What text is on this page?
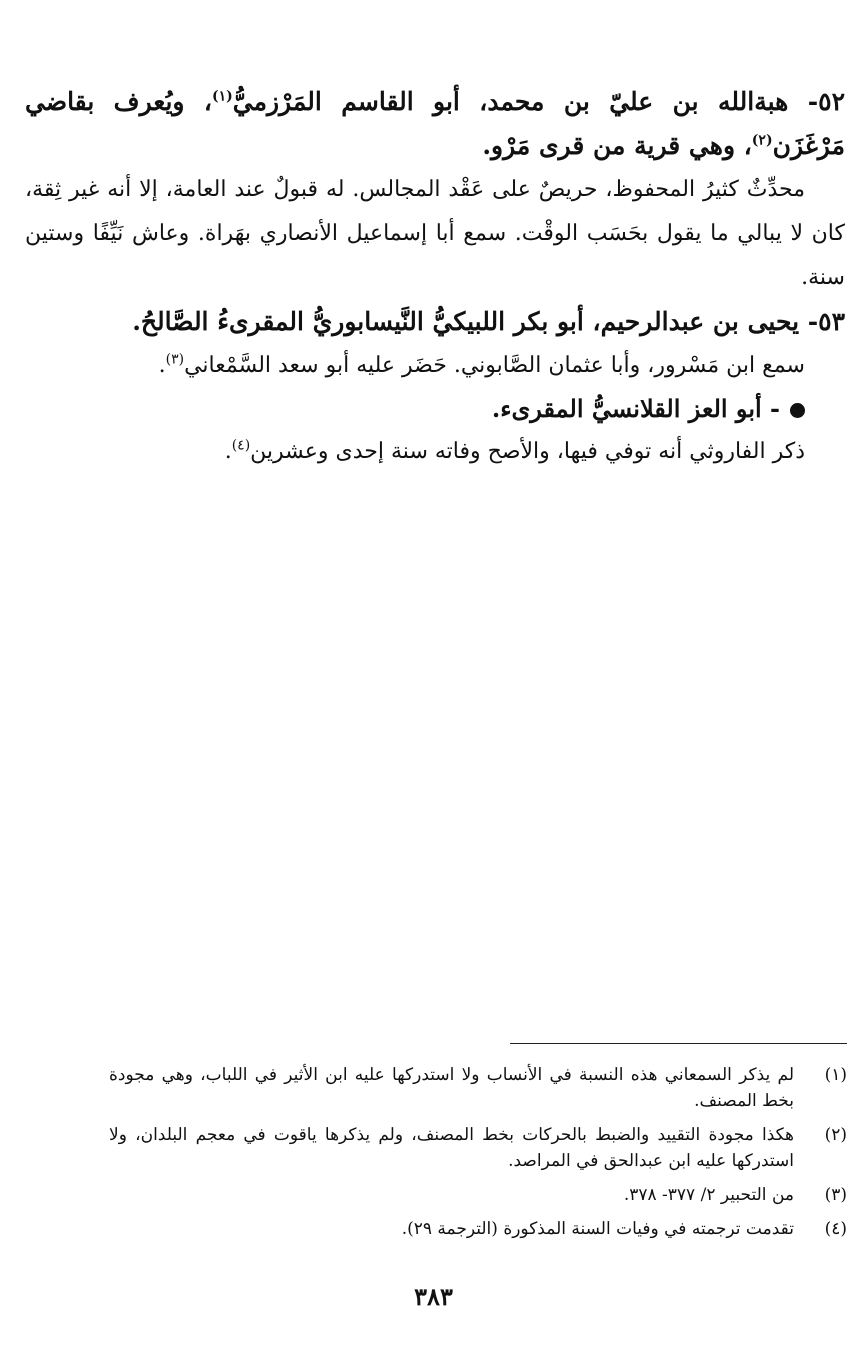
٥٢- هبةالله بن عليّ بن محمد، أبو القاسم المَرْزميُّ$^{(١)}$، ويُعرف بقاضي مَرْغَزَن$^{(٢)}$، وهي قرية من قرى مَرْو.

محدِّثٌ كثيرُ المحفوظ، حريصٌ على عَقْد المجالس. له قبولٌ عند العامة، إلا أنه غير ثِقة، كان لا يبالي ما يقول بحَسَب الوقْت. سمع أبا إسماعيل الأنصاري بهَراة. وعاش نَيِّفًا وستين سنة.

٥٣- يحيى بن عبدالرحيم، أبو بكر اللبيكيُّ النَّيسابوريُّ المقرىءُ الصَّالحُ.

سمع ابن مَسْرور، وأبا عثمان الصَّابوني. حَضَر عليه أبو سعد السَّمْعاني$^{(٣)}$.

- أبو العز القلانسيُّ المقرىء.

ذكر الفاروثي أنه توفي فيها، والأصح وفاته سنة إحدى وعشرين$^{(٤)}$.

(١)
لم يذكر السمعاني هذه النسبة في الأنساب ولا استدركها عليه ابن الأثير في اللباب، وهي مجودة بخط المصنف.

(٢)
هكذا مجودة التقييد والضبط بالحركات بخط المصنف، ولم يذكرها ياقوت في معجم البلدان، ولا استدركها عليه ابن عبدالحق في المراصد.

(٣)
من التحبير ٢/ ٣٧٧- ٣٧٨.

(٤)
تقدمت ترجمته في وفيات السنة المذكورة (الترجمة ٢٩).

٣٨٣
